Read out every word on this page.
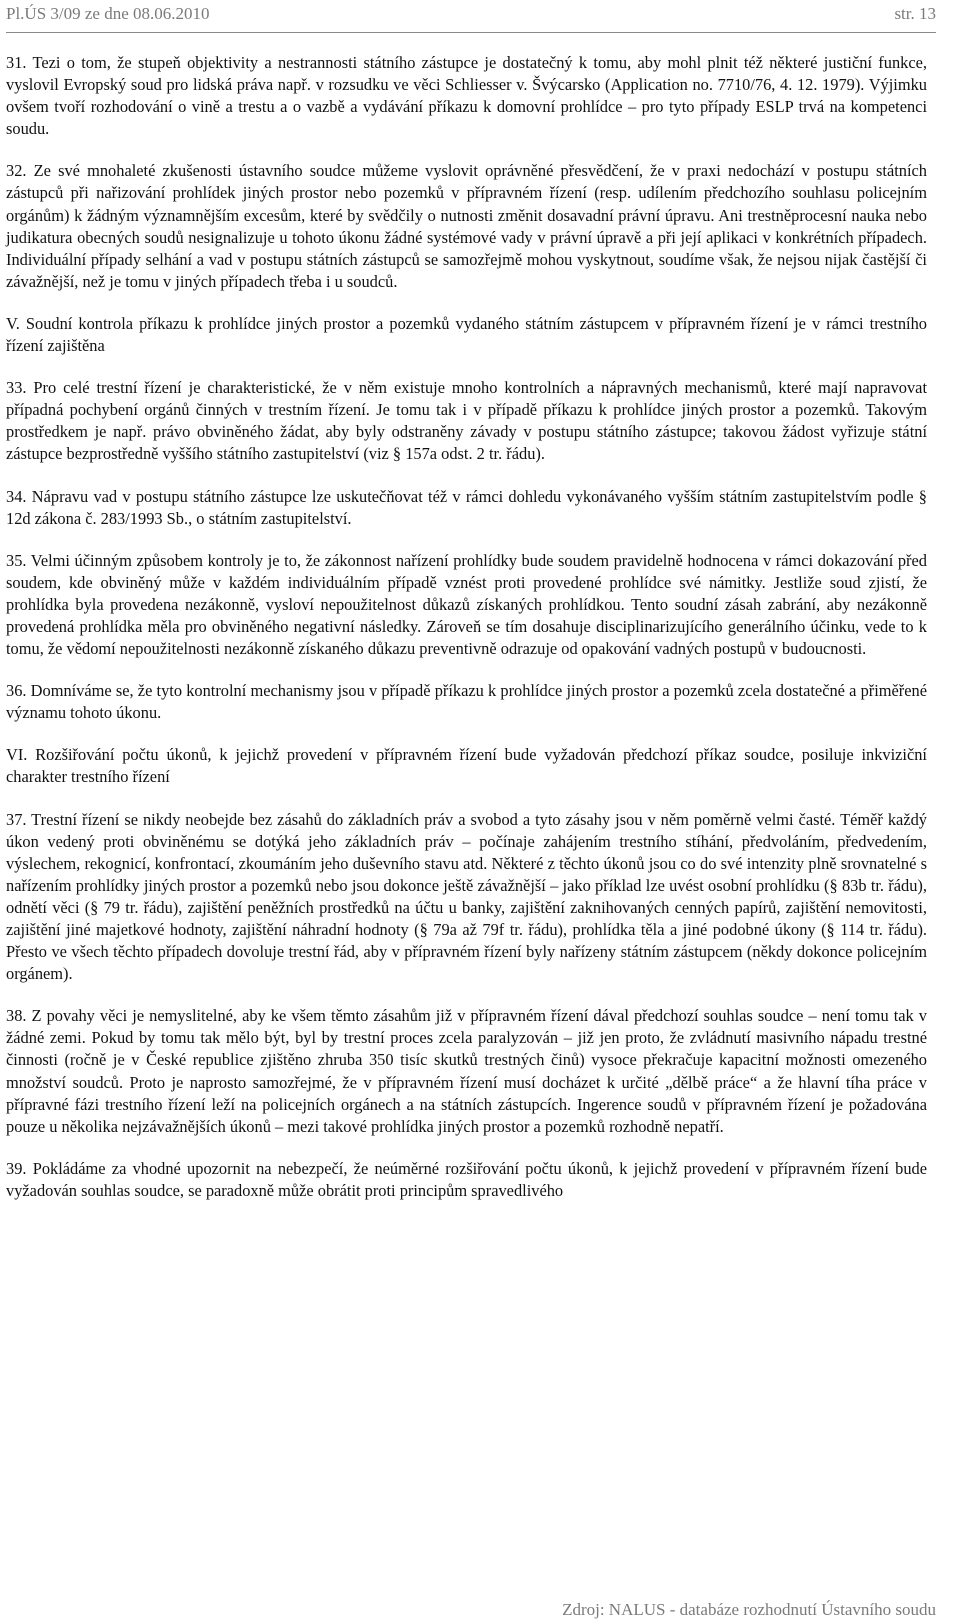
Pl.ÚS 3/09 ze dne 08.06.2010	str. 13

31. Tezi o tom, že stupeň objektivity a nestrannosti státního zástupce je dostatečný k tomu, aby mohl plnit též některé justiční funkce, vyslovil Evropský soud pro lidská práva např. v rozsudku ve věci Schliesser v. Švýcarsko (Application no. 7710/76, 4. 12. 1979). Výjimku ovšem tvoří rozhodování o vině a trestu a o vazbě a vydávání příkazu k domovní prohlídce – pro tyto případy ESLP trvá na kompetenci soudu.

32. Ze své mnohaleté zkušenosti ústavního soudce můžeme vyslovit oprávněné přesvědčení, že v praxi nedochází v postupu státních zástupců při nařizování prohlídek jiných prostor nebo pozemků v přípravném řízení (resp. udílením předchozího souhlasu policejním orgánům) k žádným významnějším excesům, které by svědčily o nutnosti změnit dosavadní právní úpravu. Ani trestněprocesní nauka nebo judikatura obecných soudů nesignalizuje u tohoto úkonu žádné systémové vady v právní úpravě a při její aplikaci v konkrétních případech. Individuální případy selhání a vad v postupu státních zástupců se samozřejmě mohou vyskytnout, soudíme však, že nejsou nijak častější či závažnější, než je tomu v jiných případech třeba i u soudců.

V. Soudní kontrola příkazu k prohlídce jiných prostor a pozemků vydaného státním zástupcem v přípravném řízení je v rámci trestního řízení zajištěna

33. Pro celé trestní řízení je charakteristické, že v něm existuje mnoho kontrolních a nápravných mechanismů, které mají napravovat případná pochybení orgánů činných v trestním řízení. Je tomu tak i v případě příkazu k prohlídce jiných prostor a pozemků. Takovým prostředkem je např. právo obviněného žádat, aby byly odstraněny závady v postupu státního zástupce; takovou žádost vyřizuje státní zástupce bezprostředně vyššího státního zastupitelství (viz § 157a odst. 2 tr. řádu).

34. Nápravu vad v postupu státního zástupce lze uskutečňovat též v rámci dohledu vykonávaného vyšším státním zastupitelstvím podle § 12d zákona č. 283/1993 Sb., o státním zastupitelství.

35. Velmi účinným způsobem kontroly je to, že zákonnost nařízení prohlídky bude soudem pravidelně hodnocena v rámci dokazování před soudem, kde obviněný může v každém individuálním případě vznést proti provedené prohlídce své námitky. Jestliže soud zjistí, že prohlídka byla provedena nezákonně, vysloví nepoužitelnost důkazů získaných prohlídkou. Tento soudní zásah zabrání, aby nezákonně provedená prohlídka měla pro obviněného negativní následky. Zároveň se tím dosahuje disciplinarizujícího generálního účinku, vede to k tomu, že vědomí nepoužitelnosti nezákonně získaného důkazu preventivně odrazuje od opakování vadných postupů v budoucnosti.

36. Domníváme se, že tyto kontrolní mechanismy jsou v případě příkazu k prohlídce jiných prostor a pozemků zcela dostatečné a přiměřené významu tohoto úkonu.

VI. Rozšiřování počtu úkonů, k jejichž provedení v přípravném řízení bude vyžadován předchozí příkaz soudce, posiluje inkviziční charakter trestního řízení

37. Trestní řízení se nikdy neobejde bez zásahů do základních práv a svobod a tyto zásahy jsou v něm poměrně velmi časté. Téměř každý úkon vedený proti obviněnému se dotýká jeho základních práv – počínaje zahájením trestního stíhání, předvoláním, předvedením, výslechem, rekognicí, konfrontací, zkoumáním jeho duševního stavu atd. Některé z těchto úkonů jsou co do své intenzity plně srovnatelné s nařízením prohlídky jiných prostor a pozemků nebo jsou dokonce ještě závažnější – jako příklad lze uvést osobní prohlídku (§ 83b tr. řádu), odnětí věci (§ 79 tr. řádu), zajištění peněžních prostředků na účtu u banky, zajištění zaknihovaných cenných papírů, zajištění nemovitosti, zajištění jiné majetkové hodnoty, zajištění náhradní hodnoty (§ 79a až 79f tr. řádu), prohlídka těla a jiné podobné úkony (§ 114 tr. řádu). Přesto ve všech těchto případech dovoluje trestní řád, aby v přípravném řízení byly nařízeny státním zástupcem (někdy dokonce policejním orgánem).

38. Z povahy věci je nemyslitelné, aby ke všem těmto zásahům již v přípravném řízení dával předchozí souhlas soudce – není tomu tak v žádné zemi. Pokud by tomu tak mělo být, byl by trestní proces zcela paralyzován – již jen proto, že zvládnutí masivního nápadu trestné činnosti (ročně je v České republice zjištěno zhruba 350 tisíc skutků trestných činů) vysoce překračuje kapacitní možnosti omezeného množství soudců. Proto je naprosto samozřejmé, že v přípravném řízení musí docházet k určité „dělbě práce“ a že hlavní tíha práce v přípravné fázi trestního řízení leží na policejních orgánech a na státních zástupcích. Ingerence soudů v přípravném řízení je požadována pouze u několika nejzávažnějších úkonů – mezi takové prohlídka jiných prostor a pozemků rozhodně nepatří.

39. Pokládáme za vhodné upozornit na nebezpečí, že neúměrné rozšiřování počtu úkonů, k jejichž provedení v přípravném řízení bude vyžadován souhlas soudce, se paradoxně může obrátit proti principům spravedlivého

Zdroj: NALUS - databáze rozhodnutí Ústavního soudu
